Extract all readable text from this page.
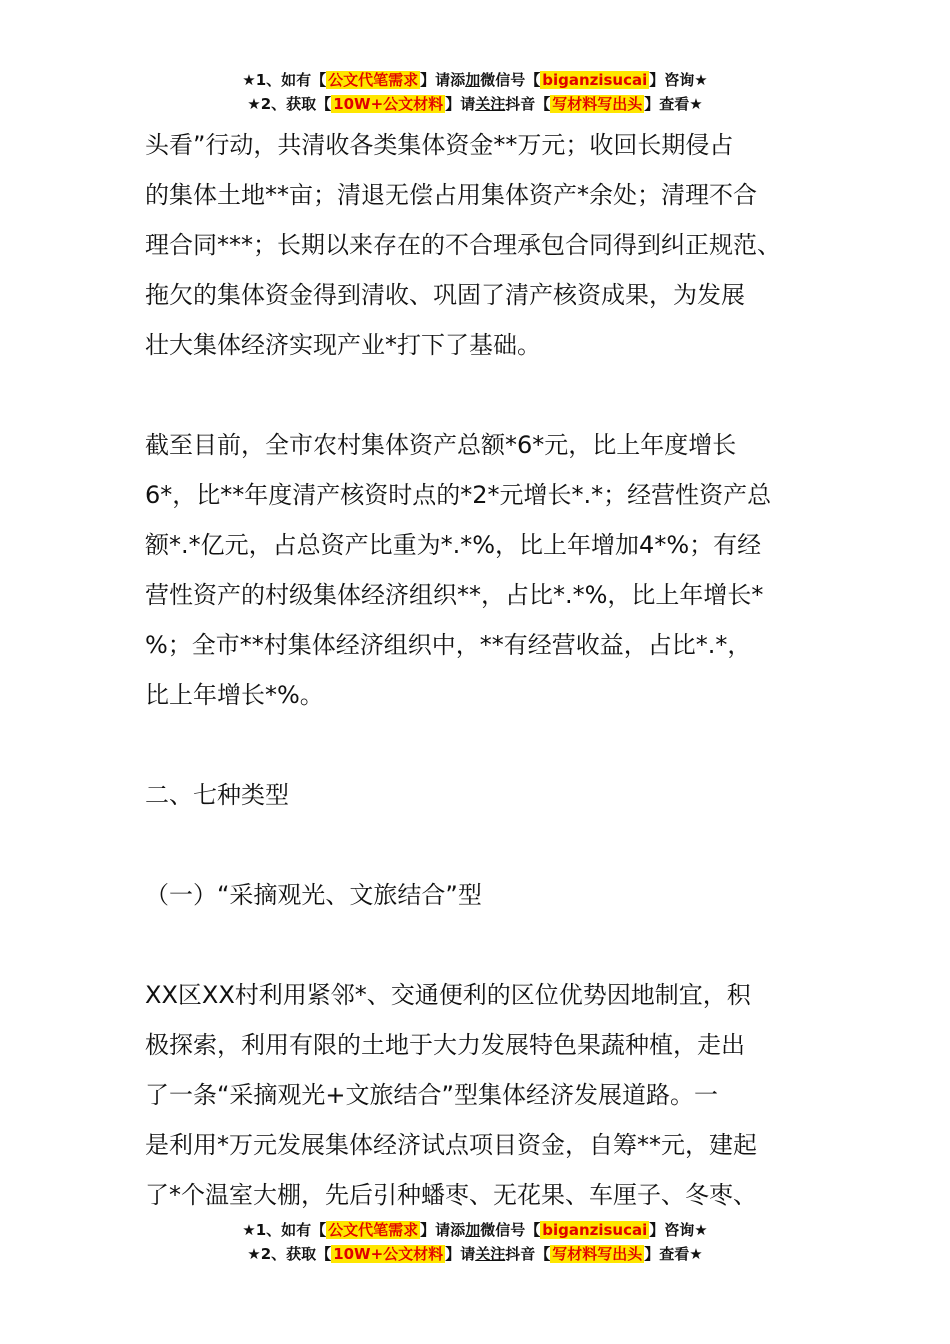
★1、如有【 公文代笔需求 】请添加微信号【 biganzisucai 】咨询★
★2、获取【 10W+公文材料 】请关注抖音【 写材料写出头 】查看★

头看”行动，共清收各类集体资金**万元；收回长期侵占

的集体土地**亩；清退无偿占用集体资产*余处；清理不合

理合同***；长期以来存在的不合理承包合同得到纠正规范、

拖欠的集体资金得到清收、巩固了清产核资成果，为发展

壮大集体经济实现产业*打下了基础。

截至目前，全市农村集体资产总额*6*元，比上年度增长

6*，比**年度清产核资时点的*2*元增长*.*；经营性资产总

额*.*亿元，占总资产比重为*.*%，比上年增加4*%；有经

营性资产的村级集体经济组织**，占比*.*%，比上年增长*

%；全市**村集体经济组织中，**有经营收益，占比*.*，

比上年增长*%。

二、七种类型

（一）“采摘观光、文旅结合”型

XX区XX村利用紧邻*、交通便利的区位优势因地制宜，积

极探索，利用有限的土地于大力发展特色果蔬种植，走出

了一条“采摘观光+文旅结合”型集体经济发展道路。一

是利用*万元发展集体经济试点项目资金，自筹**元，建起

了*个温室大棚，先后引种蟠枣、无花果、车厘子、冬枣、

★1、如有【 公文代笔需求 】请添加微信号【 biganzisucai 】咨询★
★2、获取【 10W+公文材料 】请关注抖音【 写材料写出头 】查看★
